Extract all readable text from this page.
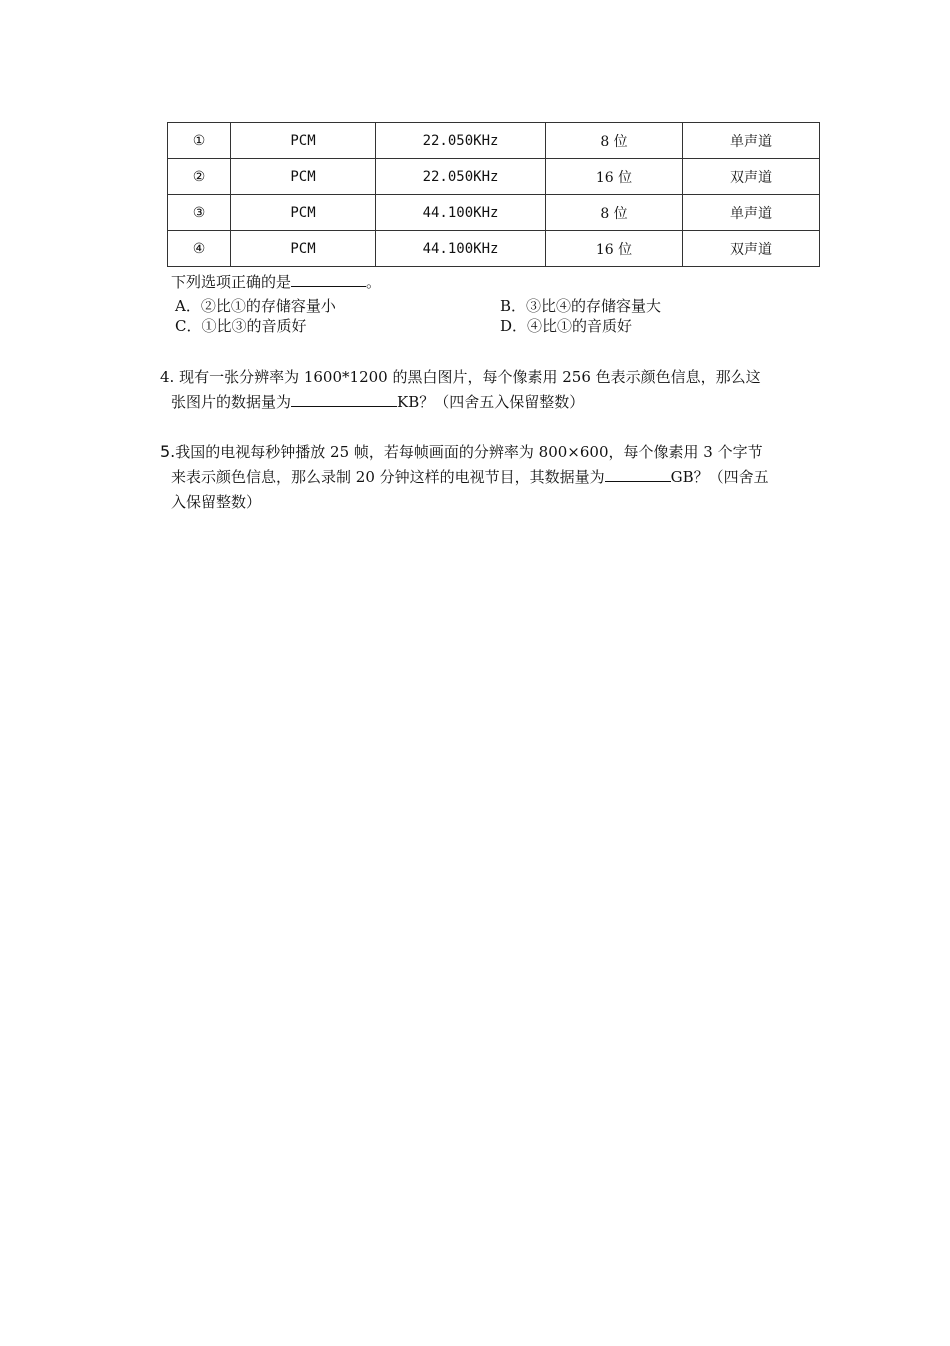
①	PCM	22.050KHz	8 位	单声道
②	PCM	22.050KHz	16 位	双声道
③	PCM	44.100KHz	8 位	单声道
④	PCM	44.100KHz	16 位	双声道
下列选项正确的是	。
A．②比①的存储容量小	B．③比④的存储容量大
C．①比③的音质好	D．④比①的音质好
4. 现有一张分辨率为 1600*1200 的黑白图片，每个像素用 256 色表示颜色信息，那么这
张图片的数据量为	KB？（四舍五入保留整数）
5.我国的电视每秒钟播放 25 帧，若每帧画面的分辨率为 800×600，每个像素用 3 个字节
来表示颜色信息，那么录制 20 分钟这样的电视节目，其数据量为	GB？（四舍五
入保留整数）
